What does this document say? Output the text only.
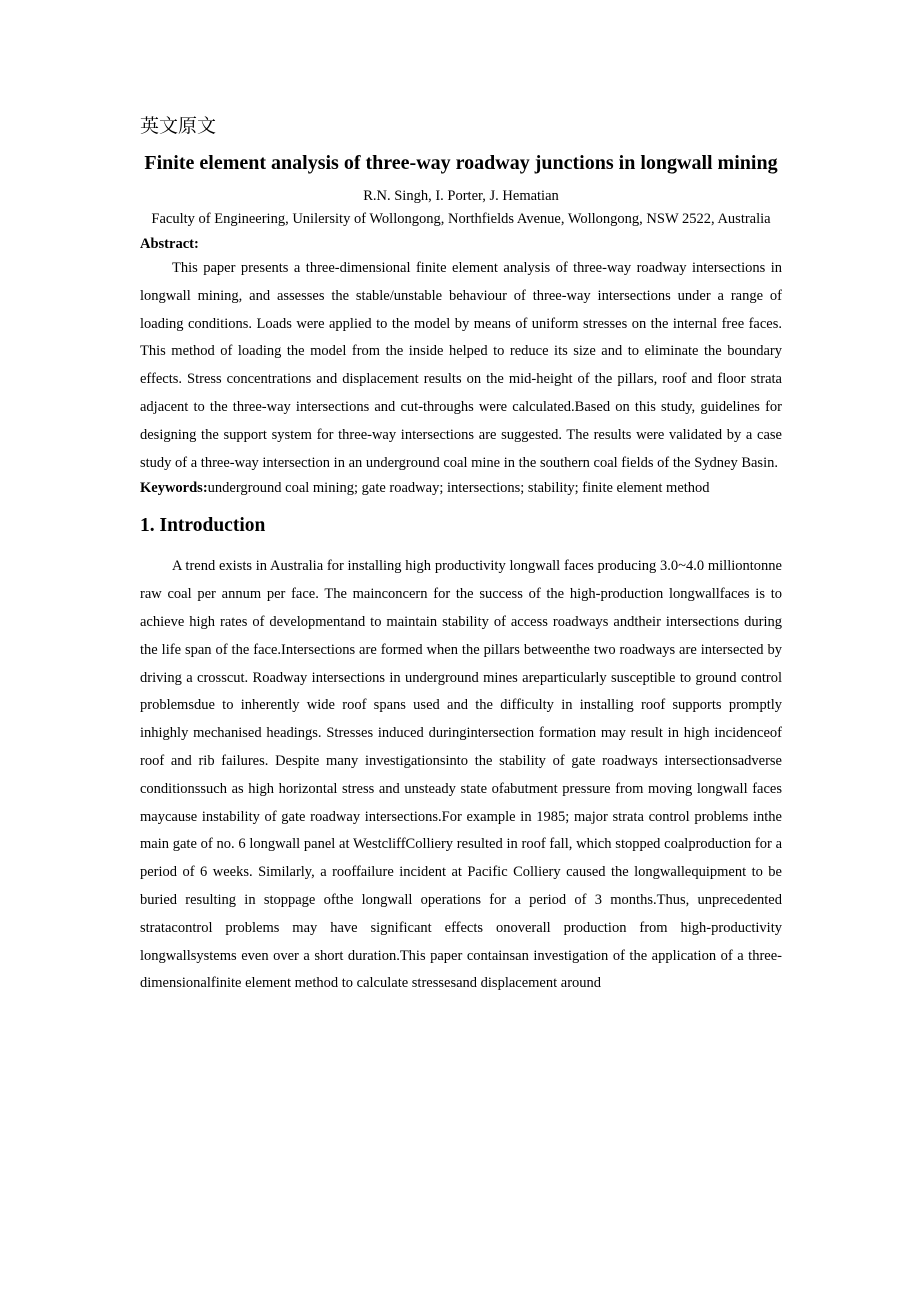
英文原文
Finite element analysis of three-way roadway junctions in longwall mining
R.N. Singh, I. Porter, J. Hematian
Faculty of Engineering, Unilersity of Wollongong, Northfields Avenue, Wollongong, NSW 2522, Australia
Abstract:

This paper presents a three-dimensional finite element analysis of three-way roadway intersections in longwall mining, and assesses the stable/unstable behaviour of three-way intersections under a range of loading conditions. Loads were applied to the model by means of uniform stresses on the internal free faces. This method of loading the model from the inside helped to reduce its size and to eliminate the boundary effects. Stress concentrations and displacement results on the mid-height of the pillars, roof and floor strata adjacent to the three-way intersections and cut-throughs were calculated.Based on this study, guidelines for designing the support system for three-way intersections are suggested. The results were validated by a case study of a three-way intersection in an underground coal mine in the southern coal fields of the Sydney Basin.

Keywords:underground coal mining; gate roadway; intersections; stability; finite element method
1. Introduction

A trend exists in Australia for installing high productivity longwall faces producing 3.0~4.0 milliontonne raw coal per annum per face. The mainconcern for the success of the high-production longwallfaces is to achieve high rates of developmentand to maintain stability of access roadways andtheir intersections during the life span of the face.Intersections are formed when the pillars betweenthe two roadways are intersected by driving a crosscut. Roadway intersections in underground mines areparticularly susceptible to ground control problemsdue to inherently wide roof spans used and the difficulty in installing roof supports promptly inhighly mechanised headings. Stresses induced duringintersection formation may result in high incidenceof roof and rib failures. Despite many investigationsinto the stability of gate roadways intersectionsadverse conditionssuch as high horizontal stress and unsteady state ofabutment pressure from moving longwall faces maycause instability of gate roadway intersections.For example in 1985; major strata control problems inthe main gate of no. 6 longwall panel at WestcliffColliery resulted in roof fall, which stopped coalproduction for a period of 6 weeks. Similarly, a rooffailure incident at Pacific Colliery caused the longwallequipment to be buried resulting in stoppage ofthe longwall operations for a period of 3 months.Thus, unprecedented stratacontrol problems may have significant effects onoverall production from high-productivity longwallsystems even over a short duration.This paper containsan investigation of the application of a three-dimensionalfinite element method to calculate stressesand displacement around
